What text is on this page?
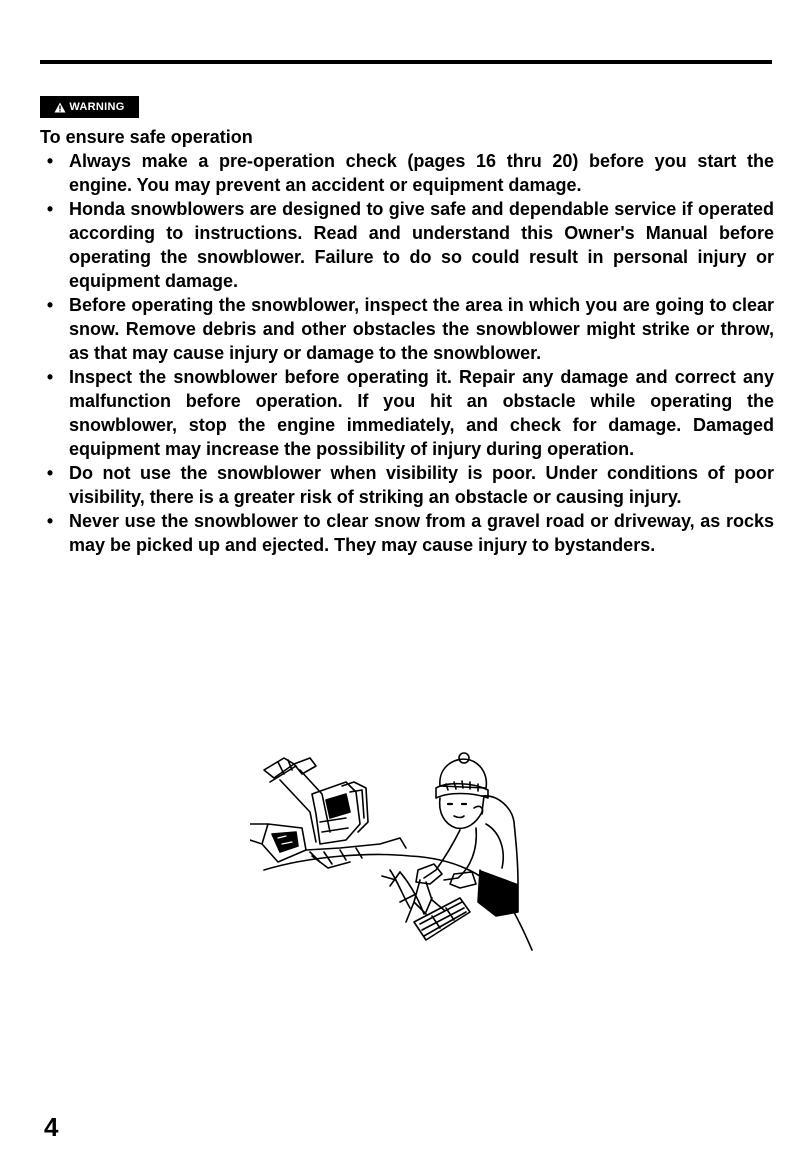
WARNING

To ensure safe operation

• Always make a pre-operation check (pages 16 thru 20) before you start the engine. You may prevent an accident or equipment damage.
• Honda snowblowers are designed to give safe and dependable service if operated according to instructions. Read and understand this Owner's Manual before operating the snowblower. Failure to do so could result in personal injury or equipment damage.
• Before operating the snowblower, inspect the area in which you are going to clear snow. Remove debris and other obstacles the snowblower might strike or throw, as that may cause injury or damage to the snowblower.
• Inspect the snowblower before operating it. Repair any damage and correct any malfunction before operation. If you hit an obstacle while operating the snowblower, stop the engine immediately, and check for damage. Damaged equipment may increase the possibility of injury during operation.
• Do not use the snowblower when visibility is poor. Under conditions of poor visibility, there is a greater risk of striking an obstacle or causing injury.
• Never use the snowblower to clear snow from a gravel road or driveway, as rocks may be picked up and ejected. They may cause injury to bystanders.
4
